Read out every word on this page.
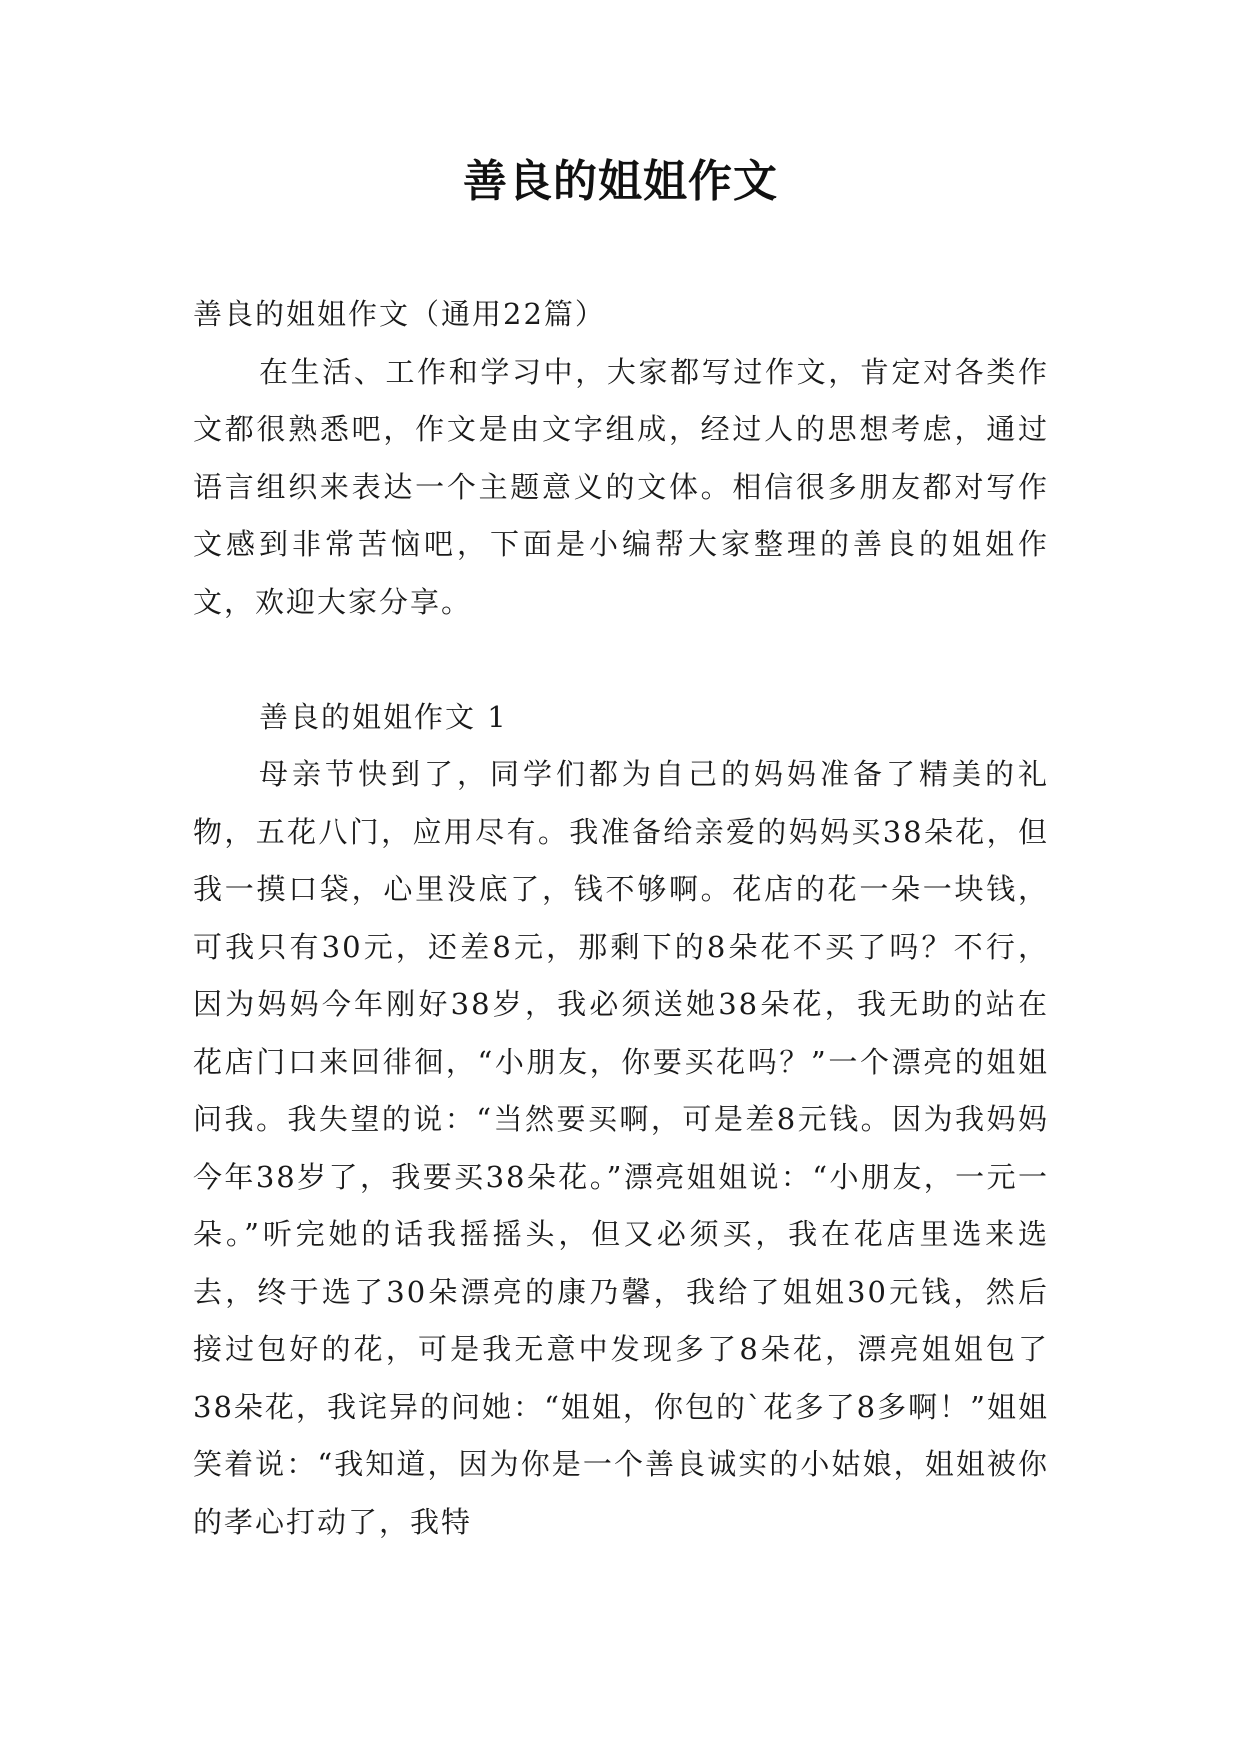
善良的姐姐作文

善良的姐姐作文（通用22篇）

在生活、工作和学习中，大家都写过作文，肯定对各类作文都很熟悉吧，作文是由文字组成，经过人的思想考虑，通过语言组织来表达一个主题意义的文体。相信很多朋友都对写作文感到非常苦恼吧，下面是小编帮大家整理的善良的姐姐作文，欢迎大家分享。

善良的姐姐作文 1

母亲节快到了，同学们都为自己的妈妈准备了精美的礼物，五花八门，应用尽有。我准备给亲爱的妈妈买38朵花，但我一摸口袋，心里没底了，钱不够啊。花店的花一朵一块钱，可我只有30元，还差8元，那剩下的8朵花不买了吗？不行，因为妈妈今年刚好38岁，我必须送她38朵花，我无助的站在花店门口来回徘徊，“小朋友，你要买花吗？”一个漂亮的姐姐问我。我失望的说：“当然要买啊，可是差8元钱。因为我妈妈今年38岁了，我要买38朵花。”漂亮姐姐说：“小朋友，一元一朵。”听完她的话我摇摇头，但又必须买，我在花店里选来选去，终于选了30朵漂亮的康乃馨，我给了姐姐30元钱，然后接过包好的花，可是我无意中发现多了8朵花，漂亮姐姐包了38朵花，我诧异的问她：“姐姐，你包的`花多了8多啊！”姐姐笑着说：“我知道，因为你是一个善良诚实的小姑娘，姐姐被你的孝心打动了，我特
